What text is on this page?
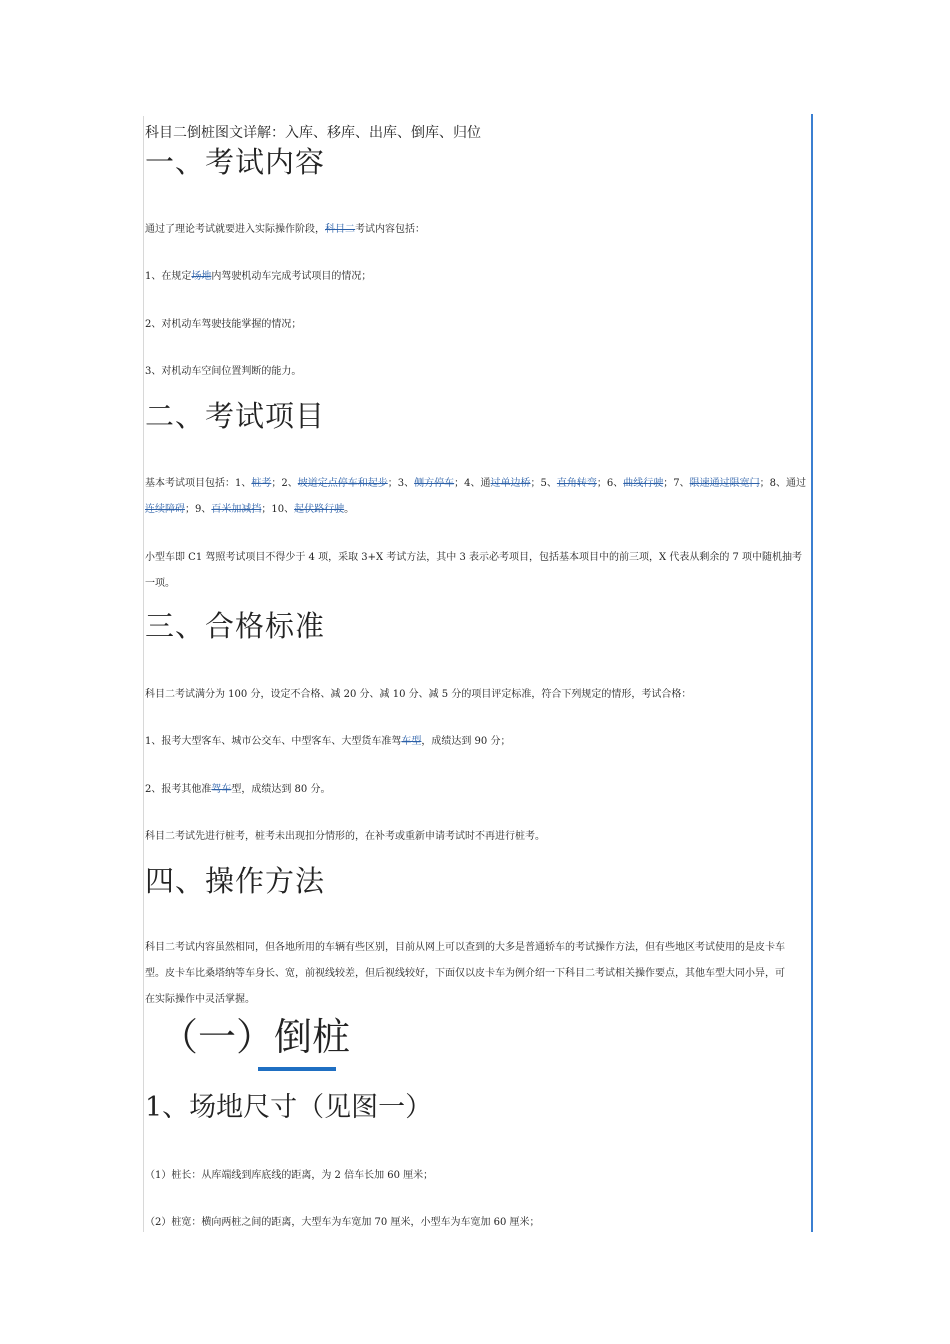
科目二倒桩图文详解：入库、移库、出库、倒库、归位
一、考试内容
通过了理论考试就要进入实际操作阶段，科目二考试内容包括：
1、在规定场地内驾驶机动车完成考试项目的情况；
2、对机动车驾驶技能掌握的情况；
3、对机动车空间位置判断的能力。
二、考试项目
基本考试项目包括：1、桩考；2、坡道定点停车和起步；3、侧方停车；4、通过单边桥；5、直角转弯；6、曲线行驶；7、限速通过限宽门；8、通过连续障碍；9、百米加减挡；10、起伏路行驶。
小型车即 C1 驾照考试项目不得少于 4 项，采取 3+X 考试方法，其中 3 表示必考项目，包括基本项目中的前三项，X 代表从剩余的 7 项中随机抽考
一项。
三、合格标准
科目二考试满分为 100 分，设定不合格、减 20 分、减 10 分、减 5 分的项目评定标准，符合下列规定的情形，考试合格：
1、报考大型客车、城市公交车、中型客车、大型货车准驾车型，成绩达到 90 分；
2、报考其他准驾车型，成绩达到 80 分。
科目二考试先进行桩考，桩考未出现扣分情形的，在补考或重新申请考试时不再进行桩考。
四、操作方法
科目二考试内容虽然相同，但各地所用的车辆有些区别，目前从网上可以查到的大多是普通轿车的考试操作方法，但有些地区考试使用的是皮卡车
型。皮卡车比桑塔纳等车身长、宽，前视线较差，但后视线较好，下面仅以皮卡车为例介绍一下科目二考试相关操作要点，其他车型大同小异，可
在实际操作中灵活掌握。
（一）倒桩
1、场地尺寸（见图一）
（1）桩长：从库端线到库底线的距离，为 2 倍车长加 60 厘米；
（2）桩宽：横向两桩之间的距离，大型车为车宽加 70 厘米，小型车为车宽加 60 厘米；
